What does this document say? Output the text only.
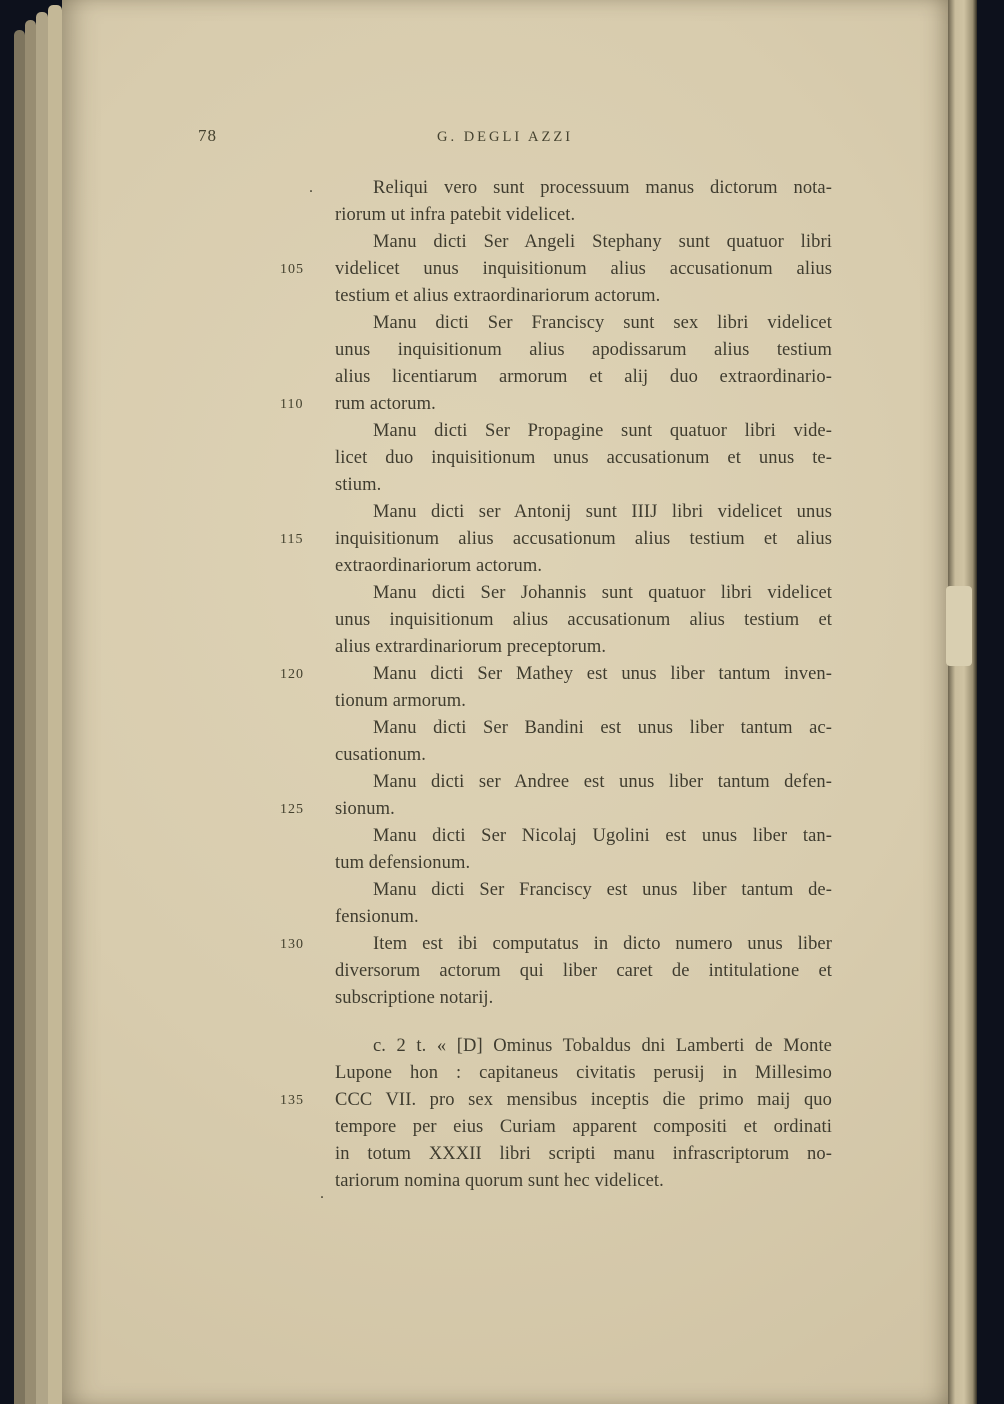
78	G. DEGLI AZZI
.
.
Reliqui vero sunt processuum manus dictorum nota-
riorum ut infra patebit videlicet.
Manu dicti Ser Angeli Stephany sunt quatuor libri
105	videlicet unus inquisitionum alius accusationum alius
testium et alius extraordinariorum actorum.
Manu dicti Ser Franciscy sunt sex libri videlicet
unus inquisitionum alius apodissarum alius testium
alius licentiarum armorum et alij duo extraordinario-
110	rum actorum.
Manu dicti Ser Propagine sunt quatuor libri vide-
licet duo inquisitionum unus accusationum et unus te-
stium.
Manu dicti ser Antonij sunt IIIJ libri videlicet unus
115	inquisitionum alius accusationum alius testium et alius
extraordinariorum actorum.
Manu dicti Ser Johannis sunt quatuor libri videlicet
unus inquisitionum alius accusationum alius testium et
alius extrardinariorum preceptorum.
120	Manu dicti Ser Mathey est unus liber tantum inven-
tionum armorum.
Manu dicti Ser Bandini est unus liber tantum ac-
cusationum.
Manu dicti ser Andree est unus liber tantum defen-
125	sionum.
Manu dicti Ser Nicolaj Ugolini est unus liber tan-
tum defensionum.
Manu dicti Ser Franciscy est unus liber tantum de-
fensionum.
130	Item est ibi computatus in dicto numero unus liber
diversorum actorum qui liber caret de intitulatione et
subscriptione notarij.
c. 2 t. « [D] Ominus Tobaldus dni Lamberti de Monte
Lupone hon : capitaneus civitatis perusij in Millesimo
135	CCC VII. pro sex mensibus inceptis die primo maij quo
tempore per eius Curiam apparent compositi et ordinati
in totum XXXII libri scripti manu infrascriptorum no-
tariorum nomina quorum sunt hec videlicet.
